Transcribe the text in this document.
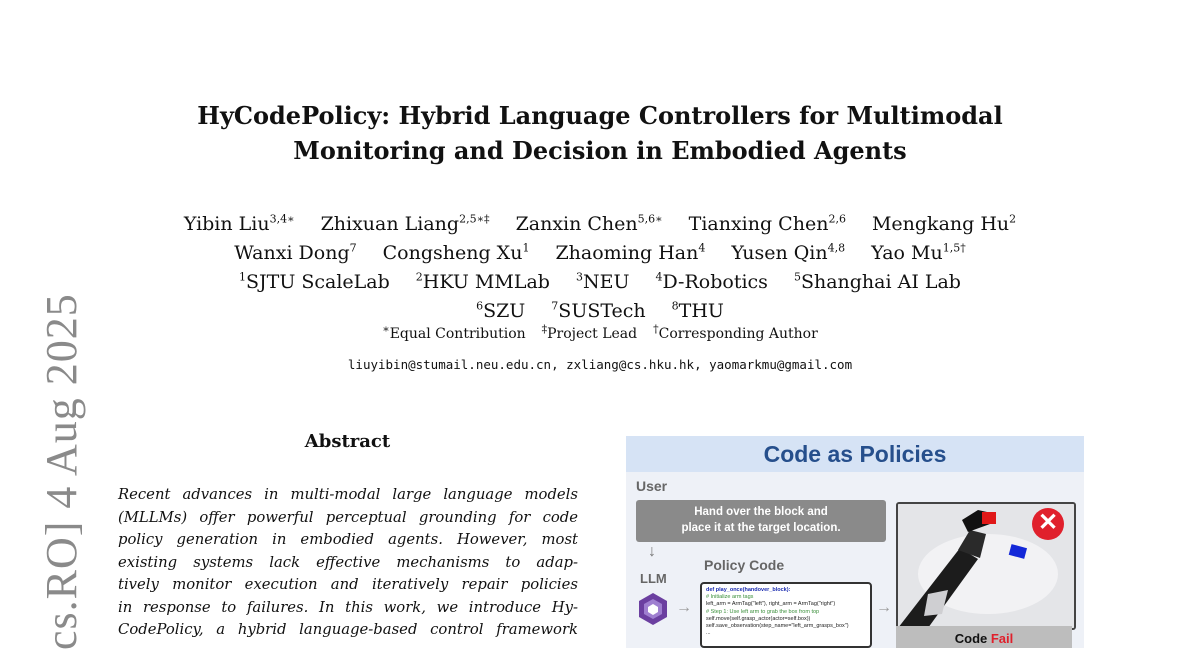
cs.RO] 4 Aug 2025
HyCodePolicy: Hybrid Language Controllers for Multimodal
Monitoring and Decision in Embodied Agents
Yibin Liu$^{3,4∗}$ Zhixuan Liang$^{2,5∗\ddagger}$ Zanxin Chen$^{5,6∗}$ Tianxing Chen$^{2,6}$ Mengkang Hu$^2$
Wanxi Dong$^7$ Congsheng Xu$^1$ Zhaoming Han$^4$ Yusen Qin$^{4,8}$ Yao $Mu^{1,5\dagger}$
$^1$SJTU ScaleLab $^2$HKU MMLab $^3$NEU $^4$D-Robotics $^5$Shanghai AI Lab
$^6$SZU $^7$SUSTech $^8$THU
∗Equal Contribution ‡Project Lead †Corresponding Author
liuyibin@stumail.neu.edu.cn, zxliang@cs.hku.hk, yaomarkmu@gmail.com
Abstract
Recent advances in multi-modal large language models
(MLLMs) offer powerful perceptual grounding for code
policy generation in embodied agents. However, most
existing systems lack effective mechanisms to adap-
tively monitor execution and iteratively repair policies
in response to failures. In this work, we introduce Hy-
CodePolicy, a hybrid language-based control framework
Code as Policies
User
Hand over the block and
place it at the target location.
↓
LLM
→
Policy Code
def play_once(handover_block):
# Initialize arm tags
left_arm = ArmTag("left"), right_arm = ArmTag("right")
# Step 1: Use left arm to grab the box from top
self.move(self.grasp_actor(actor=self.box))
self.save_observation(step_name="left_arm_grasps_box")
...
→
✕
Code Fail
